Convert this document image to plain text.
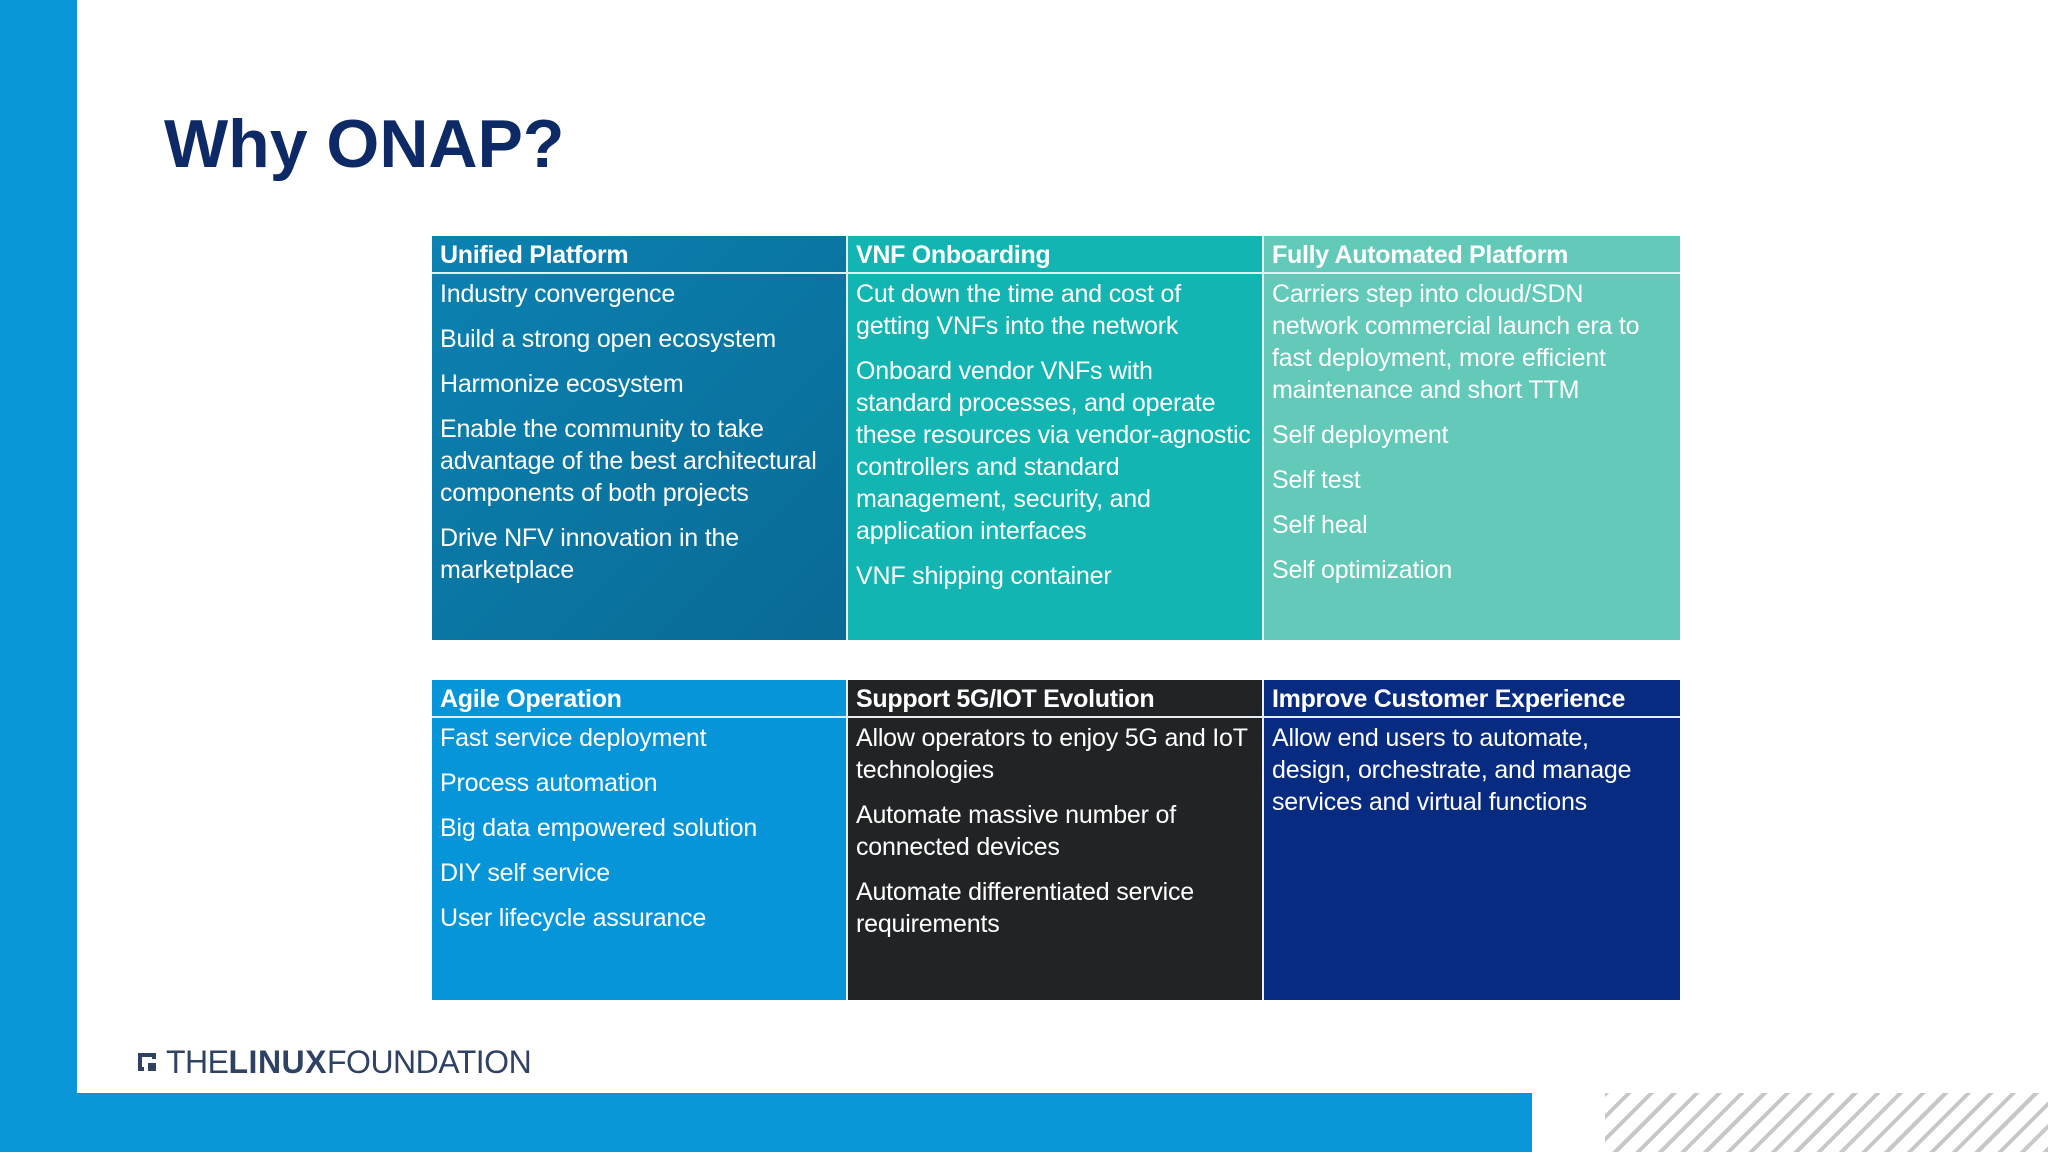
Why ONAP?
Unified Platform
Industry convergence
Build a strong open ecosystem
Harmonize ecosystem
Enable the community to take advantage of the best architectural components of both projects
Drive NFV innovation in the marketplace
VNF Onboarding
Cut down the time and cost of getting VNFs into the network
Onboard vendor VNFs with standard processes, and operate these resources via vendor-agnostic controllers and standard management, security, and application interfaces
VNF shipping container
Fully Automated Platform
Carriers step into cloud/SDN network commercial launch era to fast deployment, more efficient maintenance and short TTM
Self deployment
Self test
Self heal
Self optimization
Agile Operation
Fast service deployment
Process automation
Big data empowered solution
DIY self service
User lifecycle assurance
Support 5G/IOT Evolution
Allow operators to enjoy 5G and IoT technologies
Automate massive number of connected devices
Automate differentiated service requirements
Improve Customer Experience
Allow end users to automate, design, orchestrate, and manage services and virtual functions
THE LINUX FOUNDATION
